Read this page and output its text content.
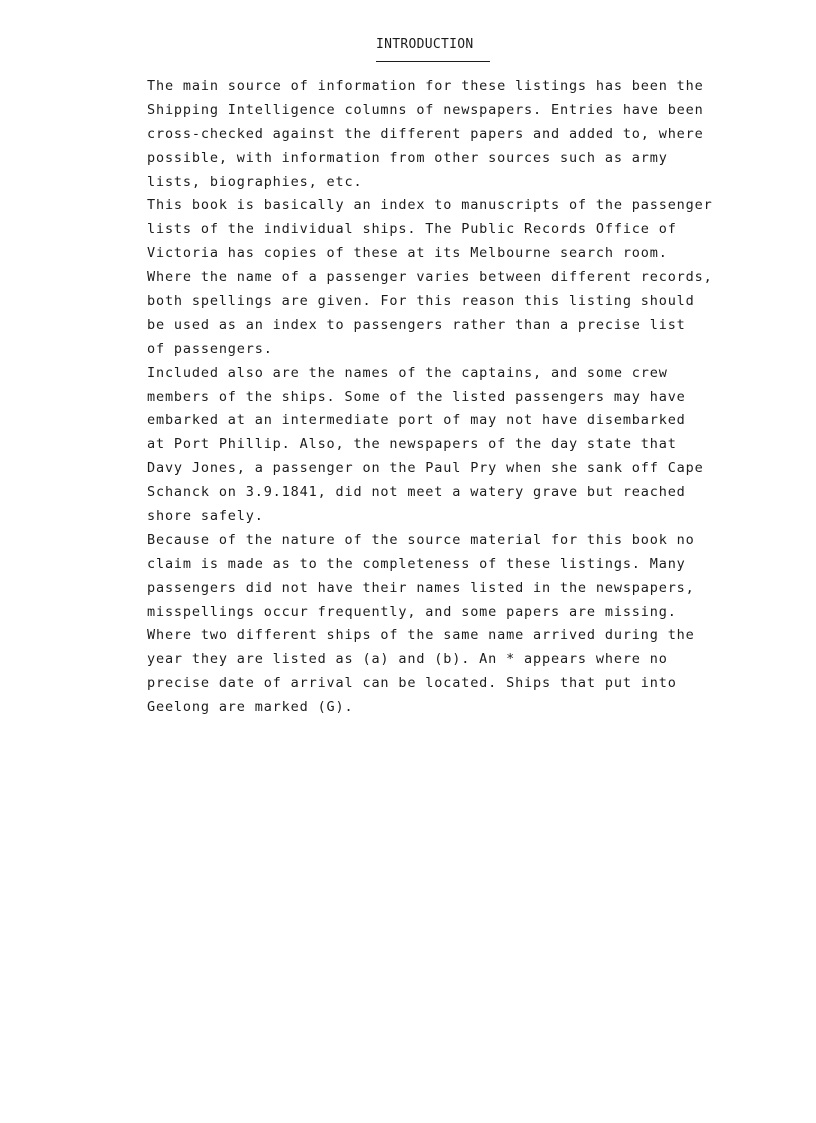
INTRODUCTION
The main source of information for these listings has been the
Shipping Intelligence columns of newspapers. Entries have been
cross-checked against the different papers and added to, where
possible, with information from other sources such as army
lists, biographies, etc.
This book is basically an index to manuscripts of the passenger
lists of the individual ships. The Public Records Office of
Victoria has copies of these at its Melbourne search room.
Where the name of a passenger varies between different records,
both spellings are given. For this reason this listing should
be used as an index to passengers rather than a precise list
of passengers.
Included also are the names of the captains, and some crew
members of the ships. Some of the listed passengers may have
embarked at an intermediate port of may not have disembarked
at Port Phillip. Also, the newspapers of the day state that
Davy Jones, a passenger on the Paul Pry when she sank off Cape
Schanck on 3.9.1841, did not meet a watery grave but reached
shore safely.
Because of the nature of the source material for this book no
claim is made as to the completeness of these listings. Many
passengers did not have their names listed in the newspapers,
misspellings occur frequently, and some papers are missing.
Where two different ships of the same name arrived during the
year they are listed as (a) and (b). An * appears where no
precise date of arrival can be located. Ships that put into
Geelong are marked (G).
